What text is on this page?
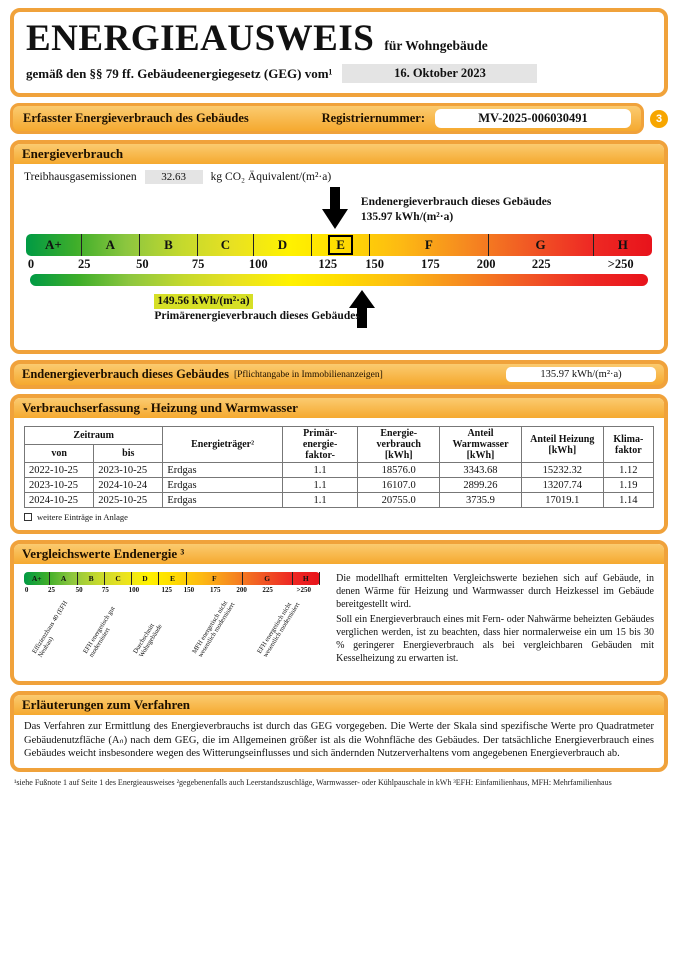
ENERGIEAUSWEIS für Wohngebäude
gemäß den §§ 79 ff. Gebäudeenergiegesetz (GEG) vom¹	16. Oktober 2023
Erfasster Energieverbrauch des Gebäudes	Registriernummer:	MV-2025-006030491	3
Energieverbrauch
Treibhausgasemissionen	32.63	kg CO₂ Äquivalent/(m²·a)
Endenergieverbrauch dieses Gebäudes
135.97 kWh/(m²·a)
A+	A	B	C	D	E	F	G	H
0	25	50	75	100	125 150	175	200	225	>250
149.56 kWh/(m²·a)
Primärenergieverbrauch dieses Gebäudes
Endenergieverbrauch dieses Gebäudes [Pflichtangabe in Immobilienanzeigen]	135.97 kWh/(m²·a)
Verbrauchserfassung - Heizung und Warmwasser
Zeitraum		Energieträger²	Primär- energie- faktor-	Energie- verbrauch [kWh]	Anteil Warmwasser [kWh]	Anteil Heizung [kWh]	Klima- faktor
von	bis						
2022-10-25	2023-10-25	Erdgas	1.1	18576.0	3343.68	15232.32	1.12
2023-10-25	2024-10-24	Erdgas	1.1	16107.0	2899.26	13207.74	1.19
2024-10-25	2025-10-25	Erdgas	1.1	20755.0	3735.9	17019.1	1.14
weitere Einträge in Anlage
Vergleichswerte Endenergie ³
A+	A	B	C	D	E	F	G	H
0	25	50	75	100	125 150 175 200 225	>250
Effizienzhaus 40 (EFH Neubau)	EFH energetisch gut modernisiert	Durchschnitt Wohngebäude	MFH energetisch nicht wesentlich modernisiert	EFH energetisch nicht wesentlich modernisiert
Die modellhaft ermittelten Vergleichswerte beziehen sich auf Gebäude, in denen Wärme für Heizung und Warmwasser durch Heizkessel im Gebäude bereitgestellt wird.
Soll ein Energieverbrauch eines mit Fern- oder Nahwärme beheizten Gebäudes verglichen werden, ist zu beachten, dass hier normalerweise ein um 15 bis 30 % geringerer Energieverbrauch als bei vergleichbaren Gebäuden mit Kesselheizung zu erwarten ist.
Erläuterungen zum Verfahren
Das Verfahren zur Ermittlung des Energieverbrauchs ist durch das GEG vorgegeben. Die Werte der Skala sind spezifische Werte pro Quadratmeter Gebäudenutzfläche (Aₙ) nach dem GEG, die im Allgemeinen größer ist als die Wohnfläche des Gebäudes. Der tatsächliche Energieverbrauch eines Gebäudes weicht insbesondere wegen des Witterungseinflusses und sich ändernden Nutzerverhaltens vom angegebenen Energieverbrauch ab.
¹siehe Fußnote 1 auf Seite 1 des Energieausweises ²gegebenenfalls auch Leerstandszuschläge, Warmwasser- oder Kühlpauschale in kWh ³EFH: Einfamilienhaus, MFH: Mehrfamilienhaus
